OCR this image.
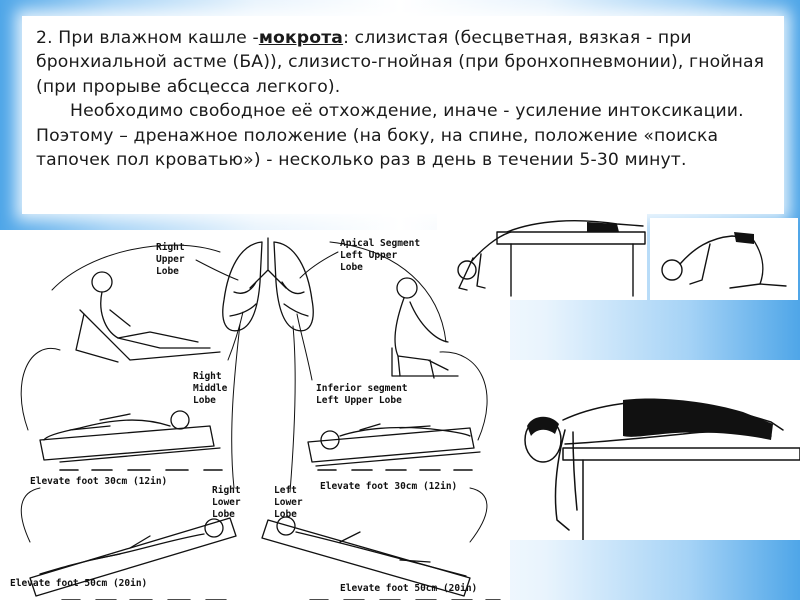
2. При влажном кашле -мокрота: слизистая (бесцветная, вязкая - при бронхиальной астме (БА)), слизисто-гнойная (при бронхопневмонии), гнойная (при прорыве абсцесса легкого).

Необходимо свободное её отхождение, иначе - усиление интоксикации. Поэтому – дренажное положение (на боку, на спине, положение «поиска тапочек пол кроватью») - несколько раз в день в течении 5-30 минут.

Right
Upper
Lobe
Apical Segment
Left Upper
Lobe
Right
Middle
Lobe
Inferior segment
Left Upper Lobe
Elevate foot 30cm (12in)	Elevate foot 30cm (12in)
Right
Lower
Lobe
Left
Lower
Lobe
Elevate foot 50cm (20in)	Elevate foot 50cm (20in)
